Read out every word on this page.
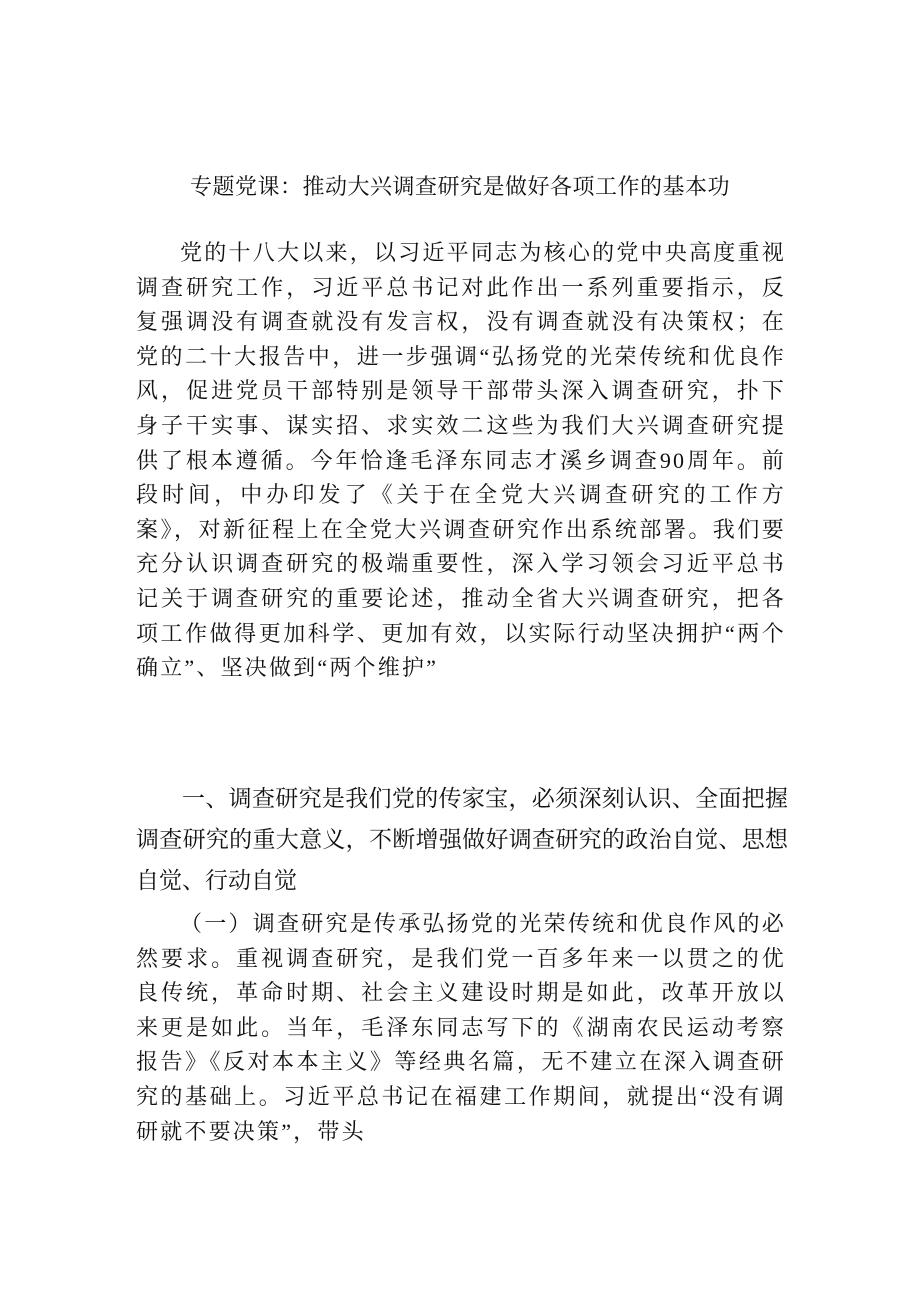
专题党课：推动大兴调查研究是做好各项工作的基本功
党的十八大以来，以习近平同志为核心的党中央高度重视调查研究工作，习近平总书记对此作出一系列重要指示，反复强调没有调查就没有发言权，没有调查就没有决策权；在党的二十大报告中，进一步强调“弘扬党的光荣传统和优良作风，促进党员干部特别是领导干部带头深入调查研究，扑下身子干实事、谋实招、求实效二这些为我们大兴调查研究提供了根本遵循。今年恰逢毛泽东同志才溪乡调查90周年。前段时间，中办印发了《关于在全党大兴调查研究的工作方案》，对新征程上在全党大兴调查研究作出系统部署。我们要充分认识调查研究的极端重要性，深入学习领会习近平总书记关于调查研究的重要论述，推动全省大兴调查研究，把各项工作做得更加科学、更加有效，以实际行动坚决拥护“两个确立”、坚决做到“两个维护”
一、调查研究是我们党的传家宝，必须深刻认识、全面把握调查研究的重大意义，不断增强做好调查研究的政治自觉、思想自觉、行动自觉
（一）调查研究是传承弘扬党的光荣传统和优良作风的必然要求。重视调查研究，是我们党一百多年来一以贯之的优良传统，革命时期、社会主义建设时期是如此，改革开放以来更是如此。当年，毛泽东同志写下的《湖南农民运动考察报告》《反对本本主义》等经典名篇，无不建立在深入调查研究的基础上。习近平总书记在福建工作期间，就提出“没有调研就不要决策”，带头
